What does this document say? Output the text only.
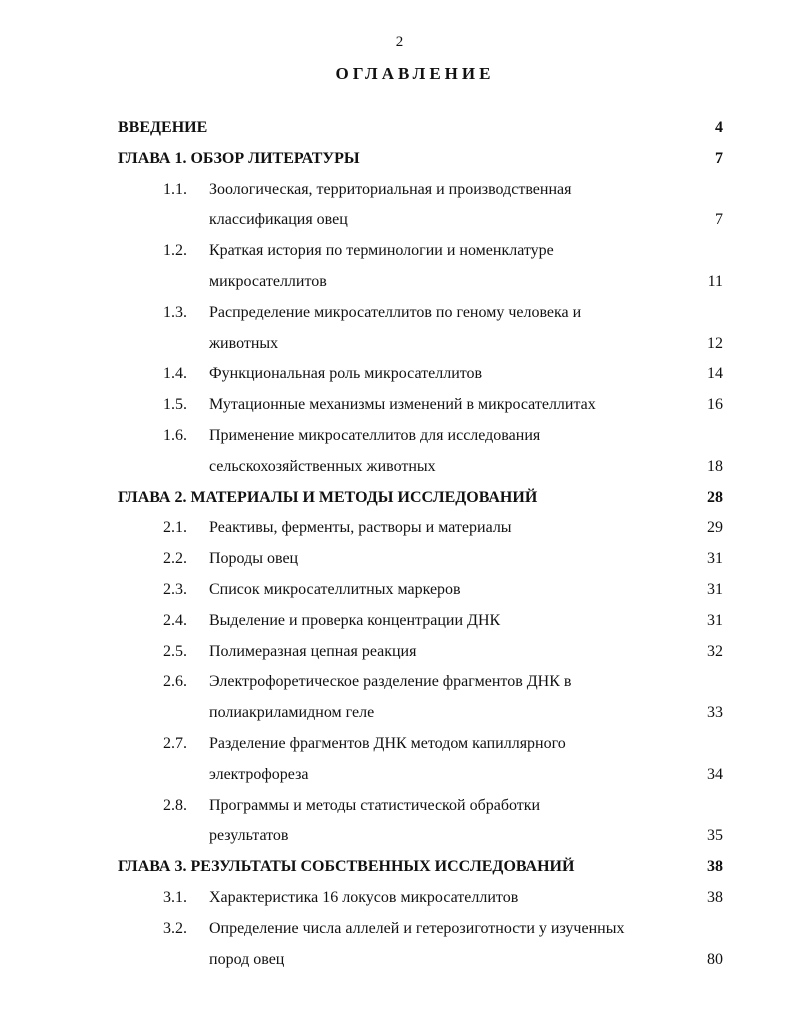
2
ОГЛАВЛЕНИЕ
ВВЕДЕНИЕ	4
ГЛАВА 1. ОБЗОР ЛИТЕРАТУРЫ	7
1.1. Зоологическая, территориальная и производственная
классификация овец	7
1.2. Краткая история по терминологии и номенклатуре
микросателлитов	11
1.3. Распределение микросателлитов по геному человека и
животных	12
1.4. Функциональная роль микросателлитов	14
1.5. Мутационные механизмы изменений в микросателлитах	16
1.6. Применение микросателлитов для исследования
сельскохозяйственных животных	18
ГЛАВА 2. МАТЕРИАЛЫ И МЕТОДЫ ИССЛЕДОВАНИЙ	28
2.1. Реактивы, ферменты, растворы и материалы	29
2.2. Породы овец	31
2.3. Список микросателлитных маркеров	31
2.4. Выделение и проверка концентрации ДНК	31
2.5. Полимеразная цепная реакция	32
2.6. Электрофоретическое разделение фрагментов ДНК в
полиакриламидном геле	33
2.7. Разделение фрагментов ДНК методом капиллярного
электрофореза	34
2.8. Программы и методы статистической обработки
результатов	35
ГЛАВА 3. РЕЗУЛЬТАТЫ СОБСТВЕННЫХ ИССЛЕДОВАНИЙ	38
3.1. Характеристика 16 локусов микросателлитов	38
3.2. Определение числа аллелей и гетерозиготности у изученных
пород овец	80
